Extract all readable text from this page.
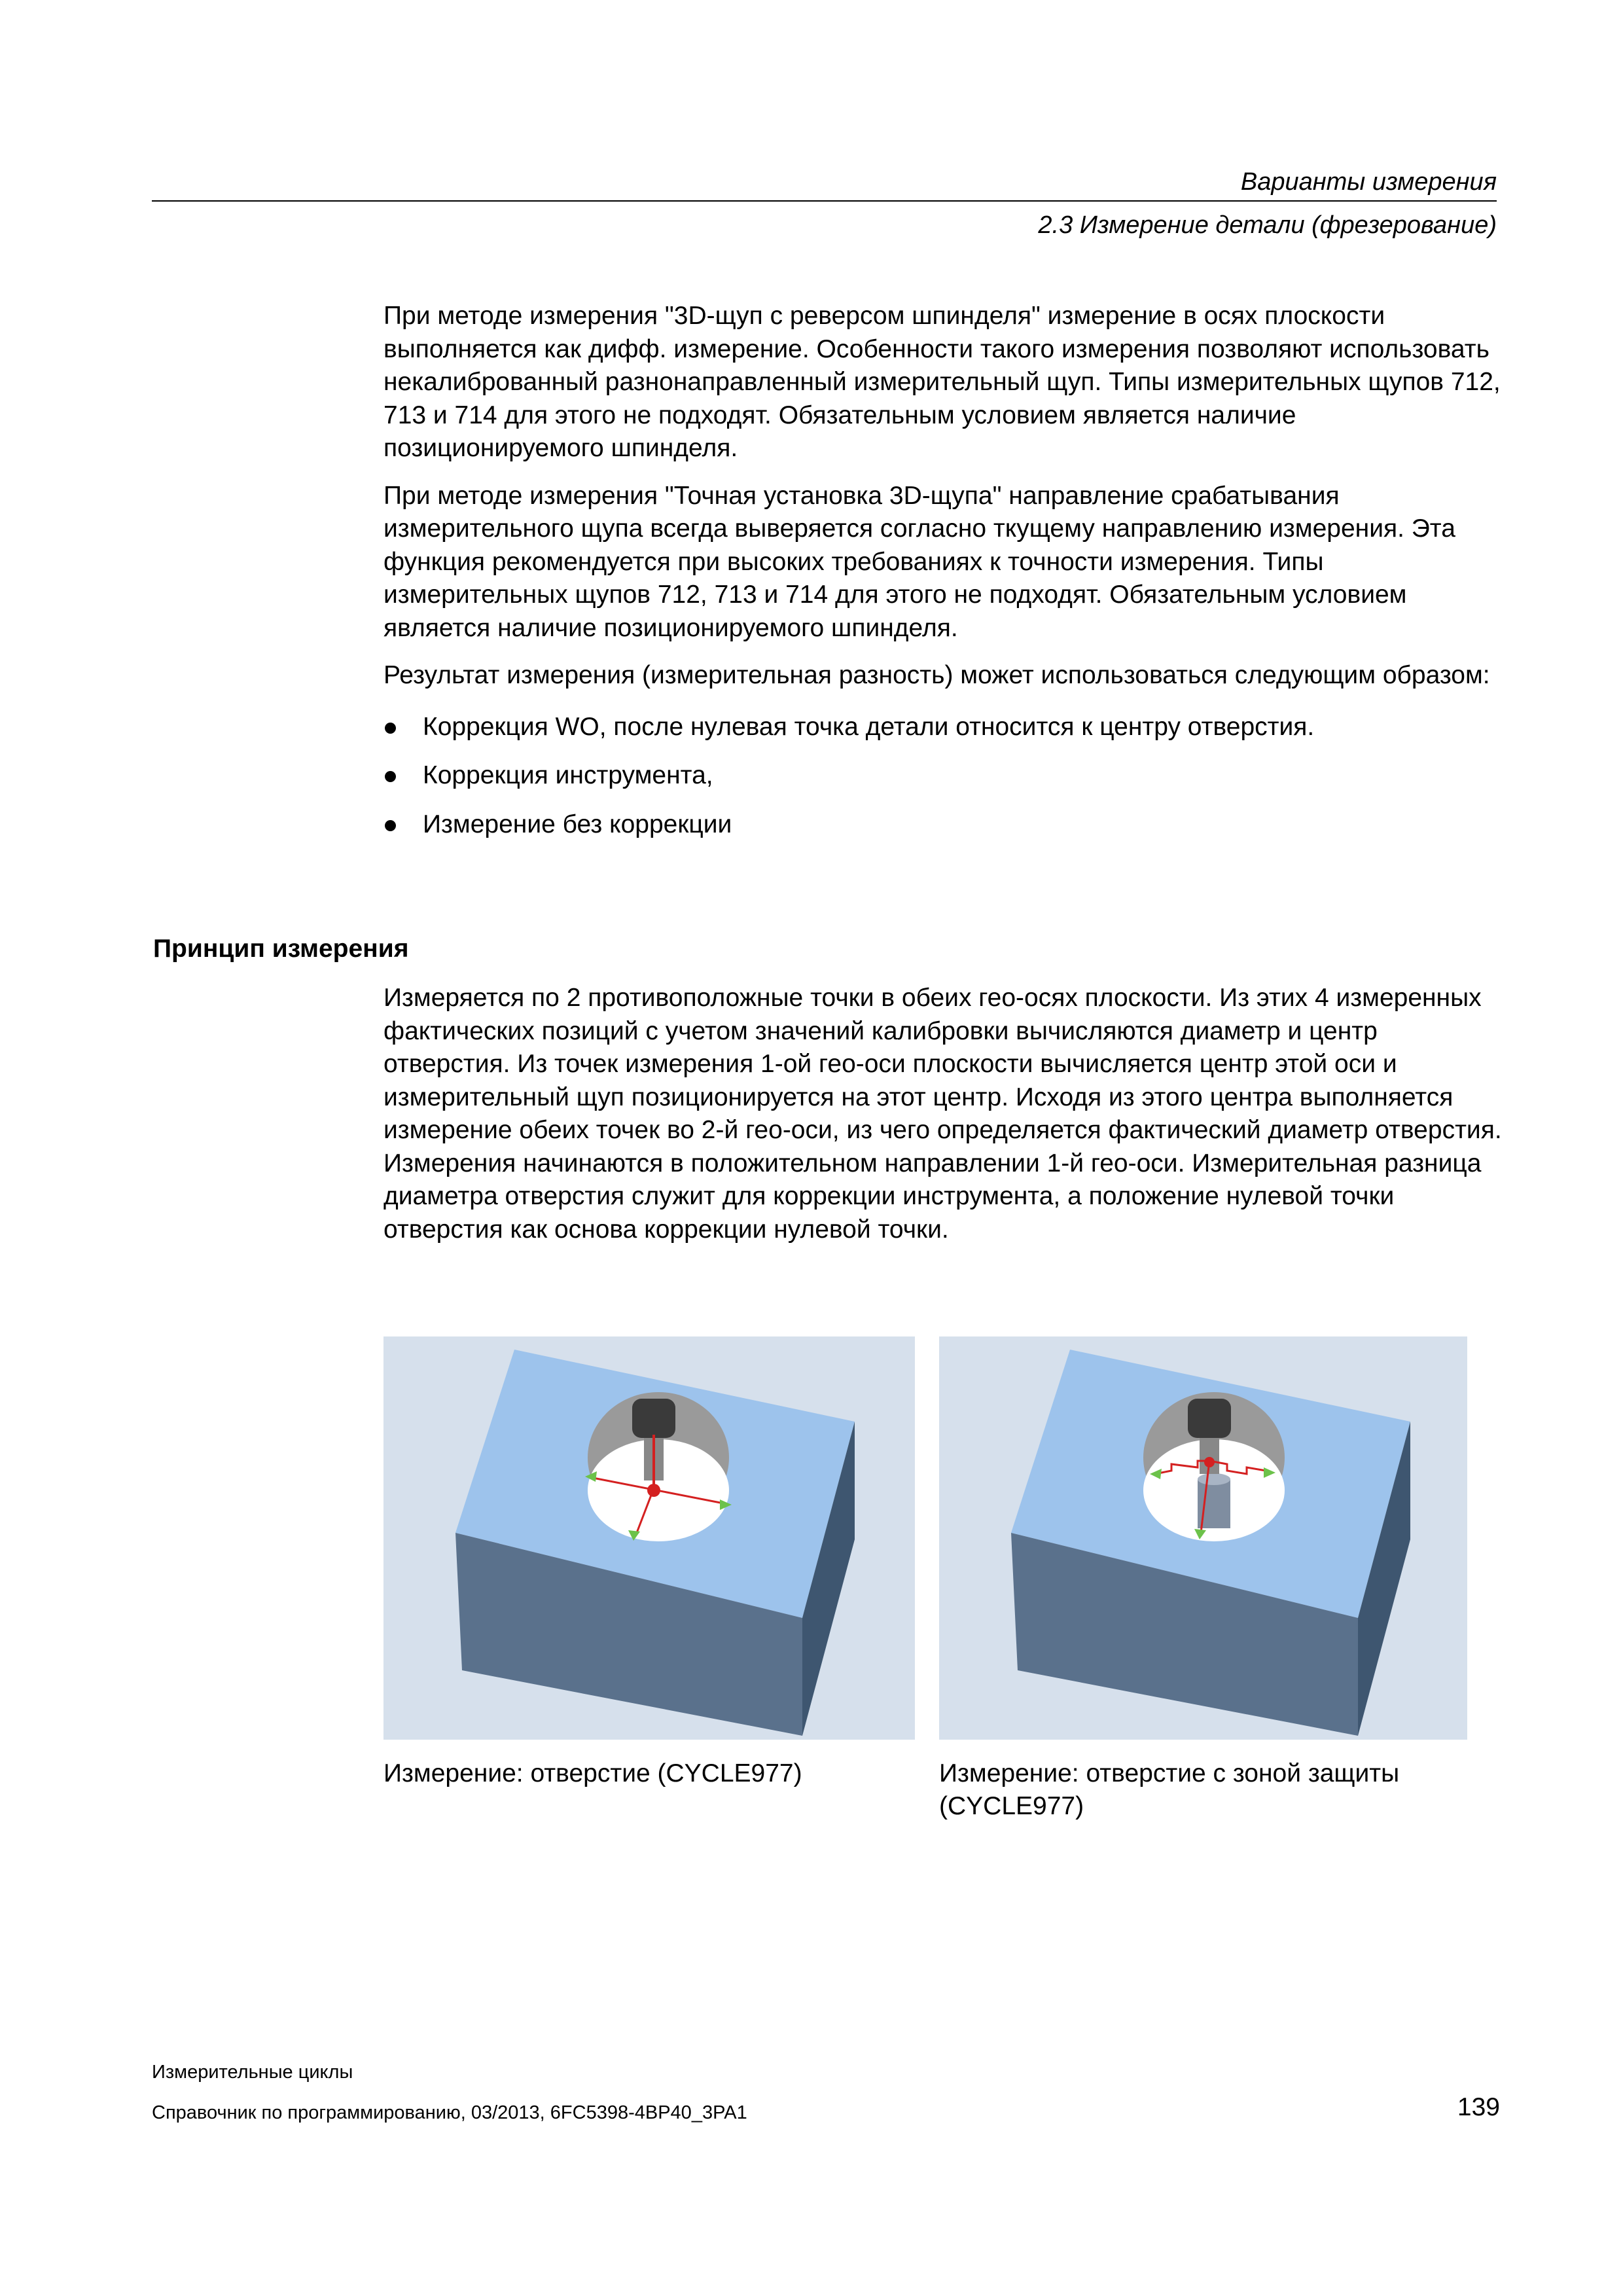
Варианты измерения

2.3 Измерение детали (фрезерование)

При методе измерения "3D-щуп с реверсом шпинделя" измерение в осях плоскости выполняется как дифф. измерение. Особенности такого измерения позволяют использовать некалиброванный разнонаправленный измерительный щуп. Типы измерительных щупов 712, 713 и 714 для этого не подходят. Обязательным условием является наличие позиционируемого шпинделя.

При методе измерения "Точная установка 3D-щупа" направление срабатывания измерительного щупа всегда выверяется согласно ткущему направлению измерения. Эта функция рекомендуется при высоких требованиях к точности измерения. Типы измерительных щупов 712, 713 и 714 для этого не подходят. Обязательным условием является наличие позиционируемого шпинделя.

Результат измерения (измерительная разность) может использоваться следующим образом:

Коррекция WO, после нулевая точка детали относится к центру отверстия.
Коррекция инструмента,
Измерение без коррекции
Принцип измерения

Измеряется по 2 противоположные точки в обеих гео-осях плоскости. Из этих 4 измеренных фактических позиций с учетом значений калибровки вычисляются диаметр и центр отверстия. Из точек измерения 1-ой гео-оси плоскости вычисляется центр этой оси и измерительный щуп позиционируется на этот центр. Исходя из этого центра выполняется измерение обеих точек во 2-й гео-оси, из чего определяется фактический диаметр отверстия. Измерения начинаются в положительном направлении 1-й гео-оси. Измерительная разница диаметра отверстия служит для коррекции инструмента, а положение нулевой точки отверстия как основа коррекции нулевой точки.

Измерение: отверстие (CYCLE977)	Измерение: отверстие с зоной защиты (CYCLE977)
Измерительные циклы
Справочник по программированию, 03/2013, 6FC5398-4BP40_3PA1	139
